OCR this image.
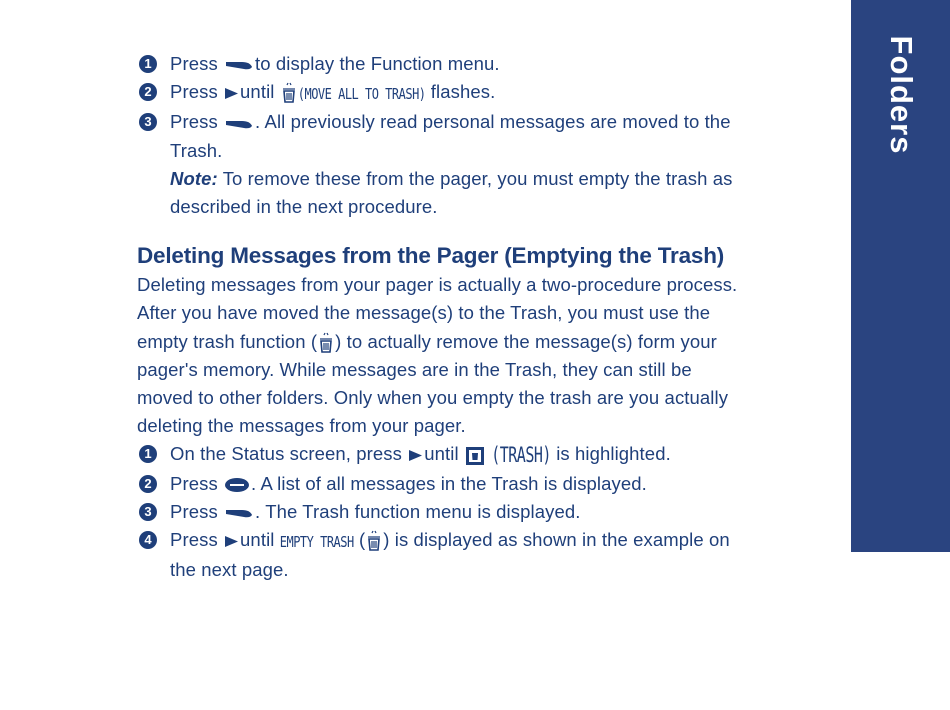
1 Press to display the Function menu.
2 Press until (MOVE ALL TO TRASH) flashes.
3 Press . All previously read personal messages are moved to the
Trash.
Note: To remove these from the pager, you must empty the trash as
described in the next procedure.
Deleting Messages from the Pager (Emptying the Trash)

Deleting messages from your pager is actually a two-procedure process.

After you have moved the message(s) to the Trash, you must use the

empty trash function ( ) to actually remove the message(s) form your

pager's memory. While messages are in the Trash, they can still be

moved to other folders. Only when you empty the trash are you actually

deleting the messages from your pager.

1 On the Status screen, press until (TRASH) is highlighted.
2 Press . A list of all messages in the Trash is displayed.
3 Press . The Trash function menu is displayed.
4 Press until EMPTY TRASH ( ) is displayed as shown in the example on
the next page.
Folders
